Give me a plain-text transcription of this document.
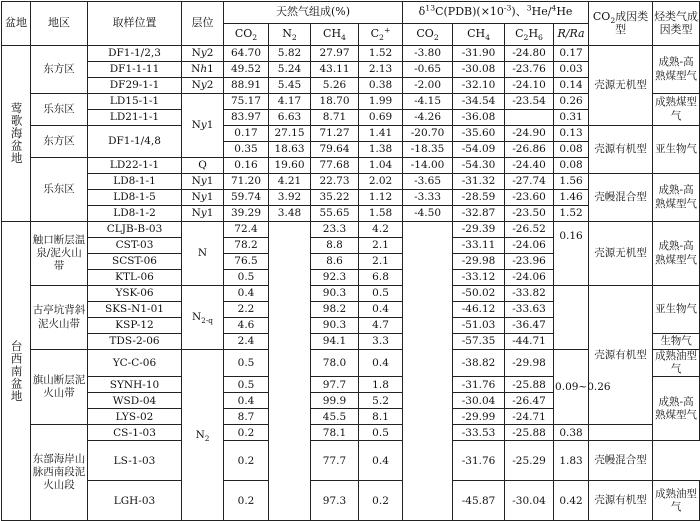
盆地	地区	取样位置	层位	天然气组成(%)				$\delta^{13}C(PDB)(\times 10^{-3})$、$^3$He/$^4$He				$CO_2$成因类型	烃类气成因类型
				$CO_2$	$N_2$	$CH_4$	$C_2^+$	$CO_2$	$CH_4$	$C_2H_6$	R/Ra		
莺歌海盆地	东方区	DF1-1/2,3	Ny2	64.70	5.82	27.97	1.52	-3.80	-31.90	-24.80	0.17	壳源无机型	成熟-高熟煤型气
		DF1-1-11	Nh1	49.52	5.24	43.11	2.13	-0.65	-30.08	-23.76	0.03		
		DF29-1-1	Ny2	88.91	5.45	5.26	0.38	-2.00	-32.10	-24.10	0.14		
	乐东区	LD15-1-1	Ny1	75.17	4.17	18.70	1.99	-4.15	-34.54	-23.54	0.26		成熟煤型气
		LD21-1-1		83.97	6.63	8.71	0.69	-4.26	-36.08		0.31		
	东方区	DF1-1/4,8		0.17	27.15	71.27	1.41	-20.70	-35.60	-24.90	0.13	壳源有机型	亚生物气
				0.35	18.63	79.64	1.38	-18.35	-54.09	-26.86	0.08		
	乐东区	LD22-1-1	Q	0.16	19.60	77.68	1.04	-14.00	-54.30	-24.40	0.08		
		LD8-1-1	Ny1	71.20	4.21	22.73	2.02	-3.65	-31.32	-27.74	1.56	壳幔混合型	成熟-高熟煤型气
		LD8-1-5	Ny1	59.74	3.92	35.22	1.12	-3.33	-28.59	-23.60	1.46		
		LD8-1-2	Ny1	39.29	3.48	55.65	1.58	-4.50	-32.87	-23.50	1.52		
台西南盆地	触口断层温泉/泥火山带	CLJB-B-03	N	72.4		23.3	4.2		-29.39	-26.52	0.16	壳源无机型	成熟-高熟煤型气
		CST-03		78.2		8.8	2.1		-33.11	-24.06			
		SCST-06		76.5		8.6	2.1		-29.98	-23.96			
		KTL-06		0.5		92.3	6.8		-33.12	-24.06			
	古亭坑背斜泥火山带	YSK-06	$N_{2-q}$	0.4		90.3	0.5		-50.02	-33.82		壳源有机型	亚生物气
		SKS-N1-01		2.2		98.2	0.4		-46.12	-33.63			
		KSP-12		4.6		90.3	4.7		-51.03	-36.47			
		TDS-2-06		2.4		94.1	3.3		-57.35	-44.71			生物气
	旗山断层泥火山带	YC-C-06	$N_2$	0.5		78.0	0.4		-38.82	-29.98	0.09~0.26		成熟油型气
		SYNH-10		0.5		97.7	1.8		-31.76	-25.88			成熟-高熟煤型气
		WSD-04		0.4		99.9	5.2		-30.04	-26.47			
		LYS-02		8.7		45.5	8.1		-29.99	-24.71			
	东部海岸山脉西南段泥火山段	CS-1-03		0.2		78.1	0.5		-33.53	-25.88	0.38		
		LS-1-03		0.2		77.7	0.4		-31.76	-25.29	1.83	壳幔混合型	
		LGH-03		0.2		97.3	0.2		-45.87	-30.04	0.42	壳源有机型	成熟油型气
